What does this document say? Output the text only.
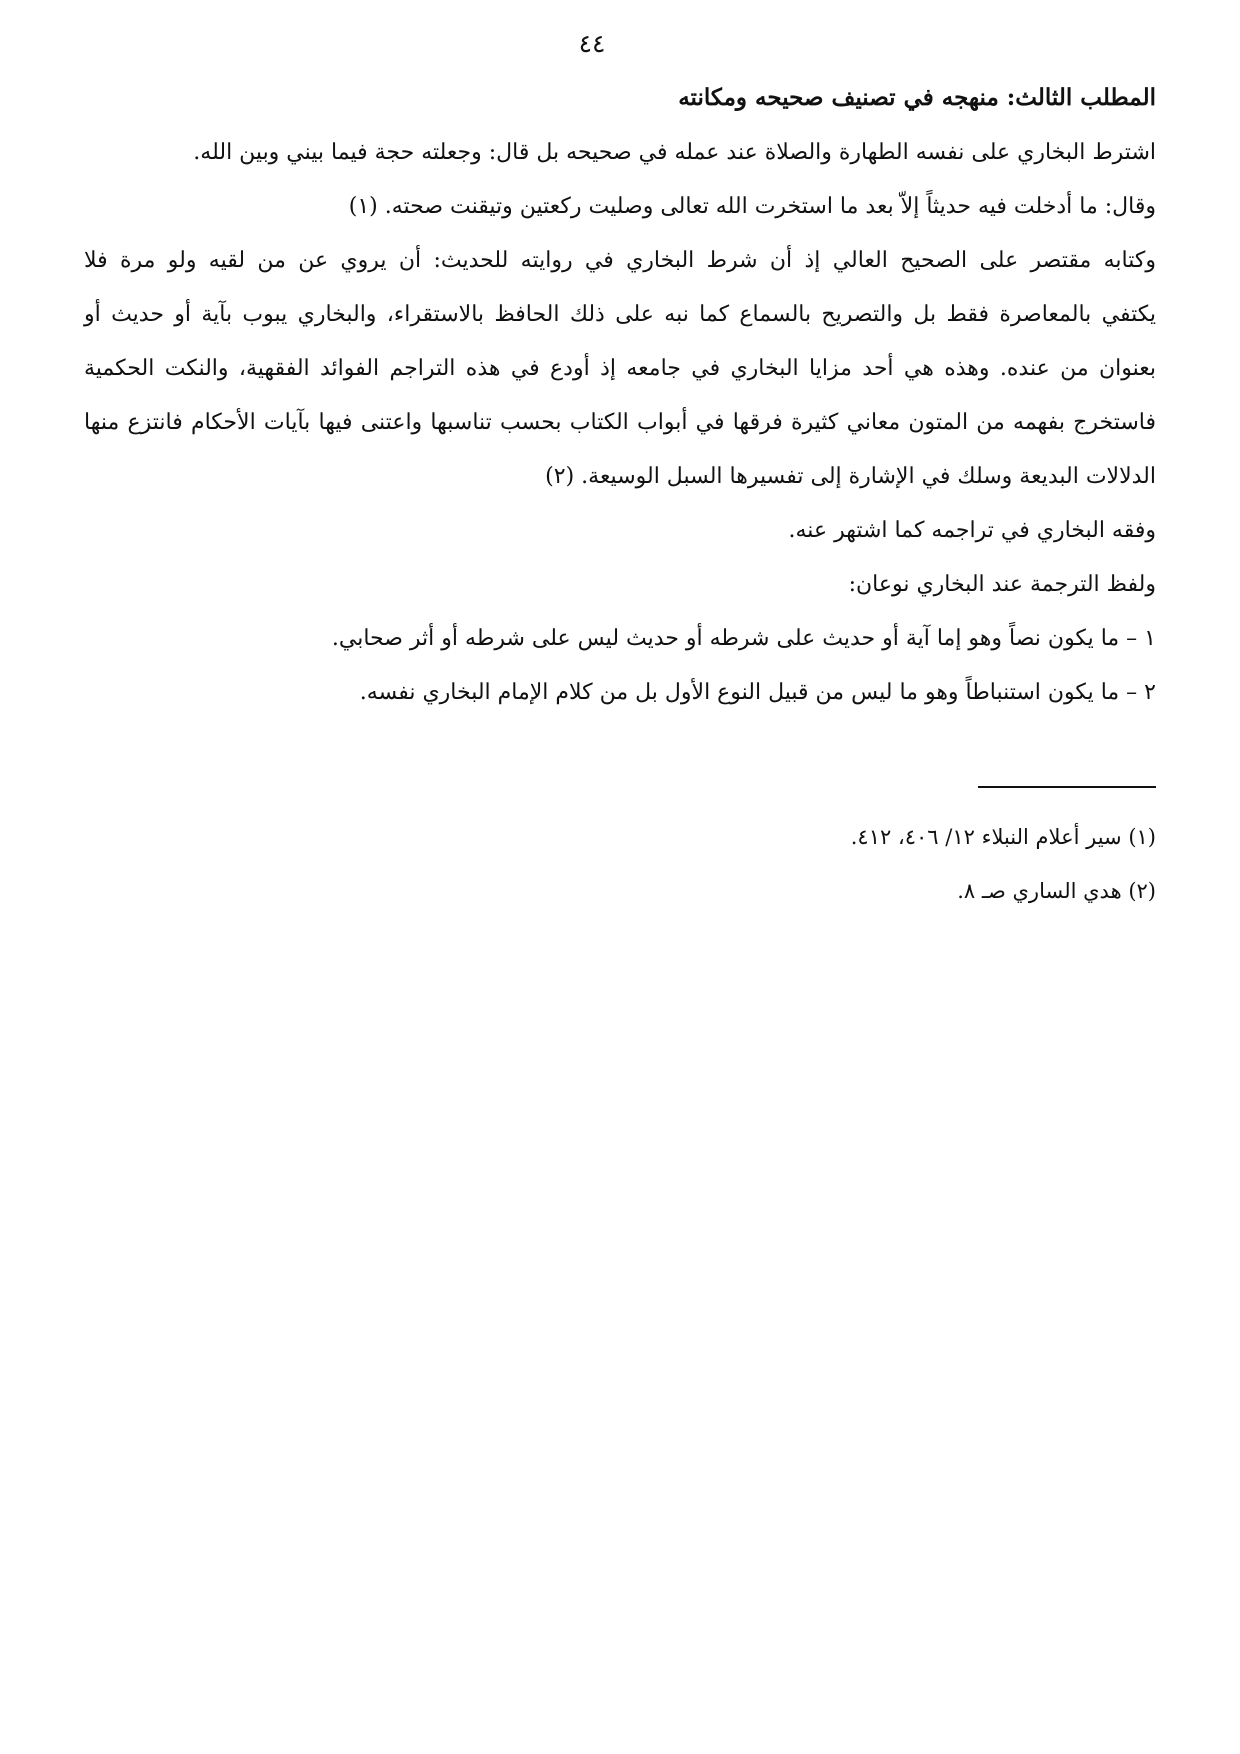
٤٤
المطلب الثالث: منهجه في تصنيف صحيحه ومكانته
اشترط البخاري على نفسه الطهارة والصلاة عند عمله في صحيحه بل قال: وجعلته حجة فيما بيني وبين الله.
وقال: ما أدخلت فيه حديثاً إلاّ بعد ما استخرت الله تعالى وصليت ركعتين وتيقنت صحته. (١)
وكتابه مقتصر على الصحيح العالي إذ أن شرط البخاري في روايته للحديث: أن يروي عن من لقيه ولو مرة فلا
يكتفي بالمعاصرة فقط بل والتصريح بالسماع كما نبه على ذلك الحافظ بالاستقراء، والبخاري يبوب بآية أو حديث أو
بعنوان من عنده. وهذه هي أحد مزايا البخاري في جامعه إذ أودع في هذه التراجم الفوائد الفقهية، والنكت الحكمية
فاستخرج بفهمه من المتون معاني كثيرة فرقها في أبواب الكتاب بحسب تناسبها واعتنى فيها بآيات الأحكام فانتزع منها
الدلالات البديعة وسلك في الإشارة إلى تفسيرها السبل الوسيعة. (٢)
وفقه البخاري في تراجمه كما اشتهر عنه.
ولفظ الترجمة عند البخاري نوعان:
١ – ما يكون نصاً وهو إما آية أو حديث على شرطه أو حديث ليس على شرطه أو أثر صحابي.
٢ – ما يكون استنباطاً وهو ما ليس من قبيل النوع الأول بل من كلام الإمام البخاري نفسه.
(١) سير أعلام النبلاء ١٢/ ٤٠٦، ٤١٢.
(٢) هدي الساري صـ ٨.
